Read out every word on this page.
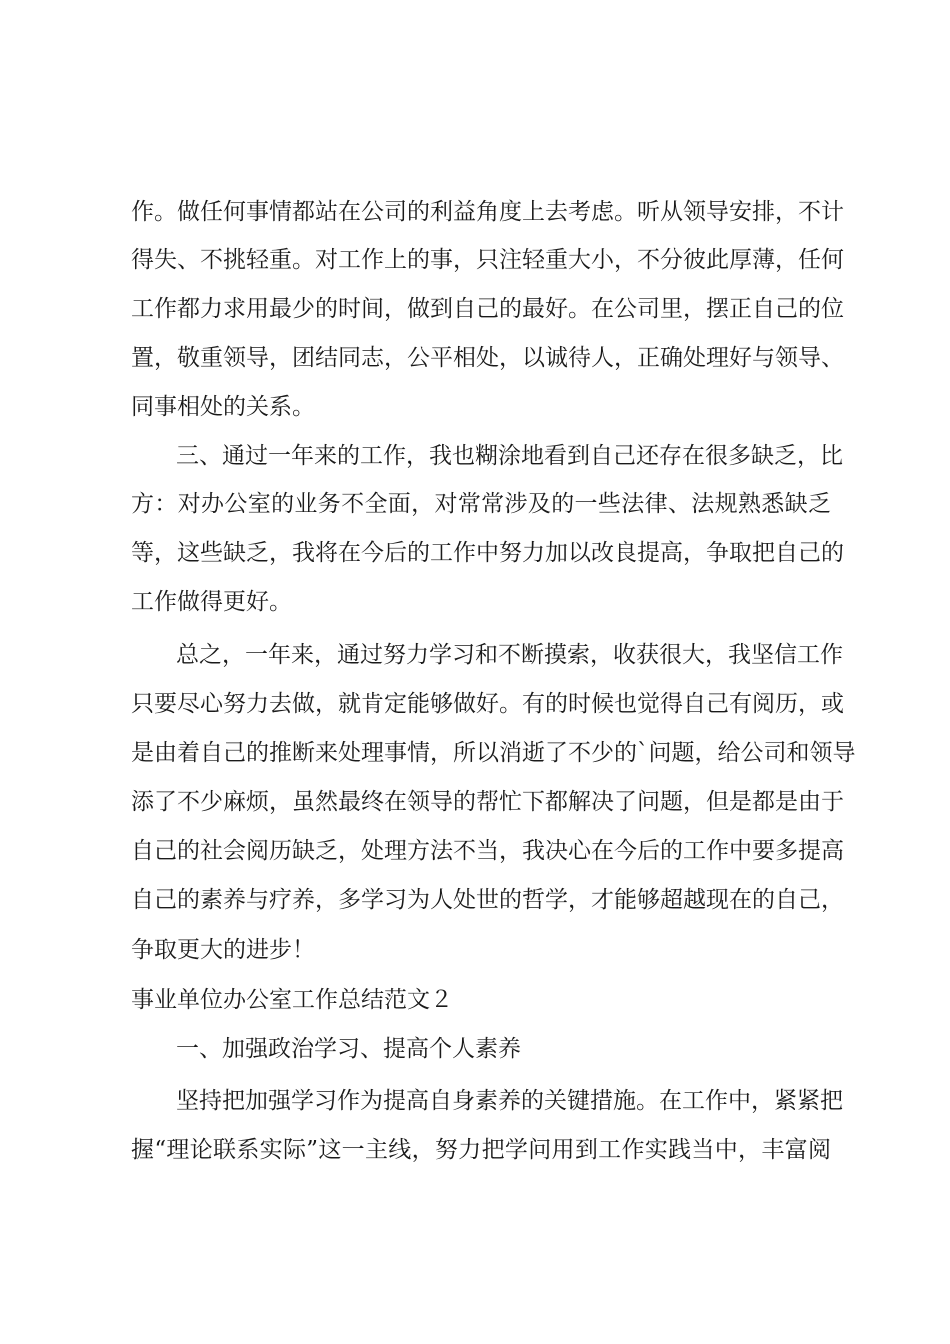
作。做任何事情都站在公司的利益角度上去考虑。听从领导安排，不计
得失、不挑轻重。对工作上的事，只注轻重大小，不分彼此厚薄，任何
工作都力求用最少的时间，做到自己的最好。在公司里，摆正自己的位
置，敬重领导，团结同志，公平相处，以诚待人，正确处理好与领导、
同事相处的关系。
三、通过一年来的工作，我也糊涂地看到自己还存在很多缺乏，比
方：对办公室的业务不全面，对常常涉及的一些法律、法规熟悉缺乏
等，这些缺乏，我将在今后的工作中努力加以改良提高，争取把自己的
工作做得更好。
总之，一年来，通过努力学习和不断摸索，收获很大，我坚信工作
只要尽心努力去做，就肯定能够做好。有的时候也觉得自己有阅历，或
是由着自己的推断来处理事情，所以消逝了不少的`问题，给公司和领导
添了不少麻烦，虽然最终在领导的帮忙下都解决了问题，但是都是由于
自己的社会阅历缺乏，处理方法不当，我决心在今后的工作中要多提高
自己的素养与疗养，多学习为人处世的哲学，才能够超越现在的自己，
争取更大的进步！
事业单位办公室工作总结范文２
一、加强政治学习、提高个人素养
坚持把加强学习作为提高自身素养的关键措施。在工作中，紧紧把
握“理论联系实际”这一主线，努力把学问用到工作实践当中，丰富阅
